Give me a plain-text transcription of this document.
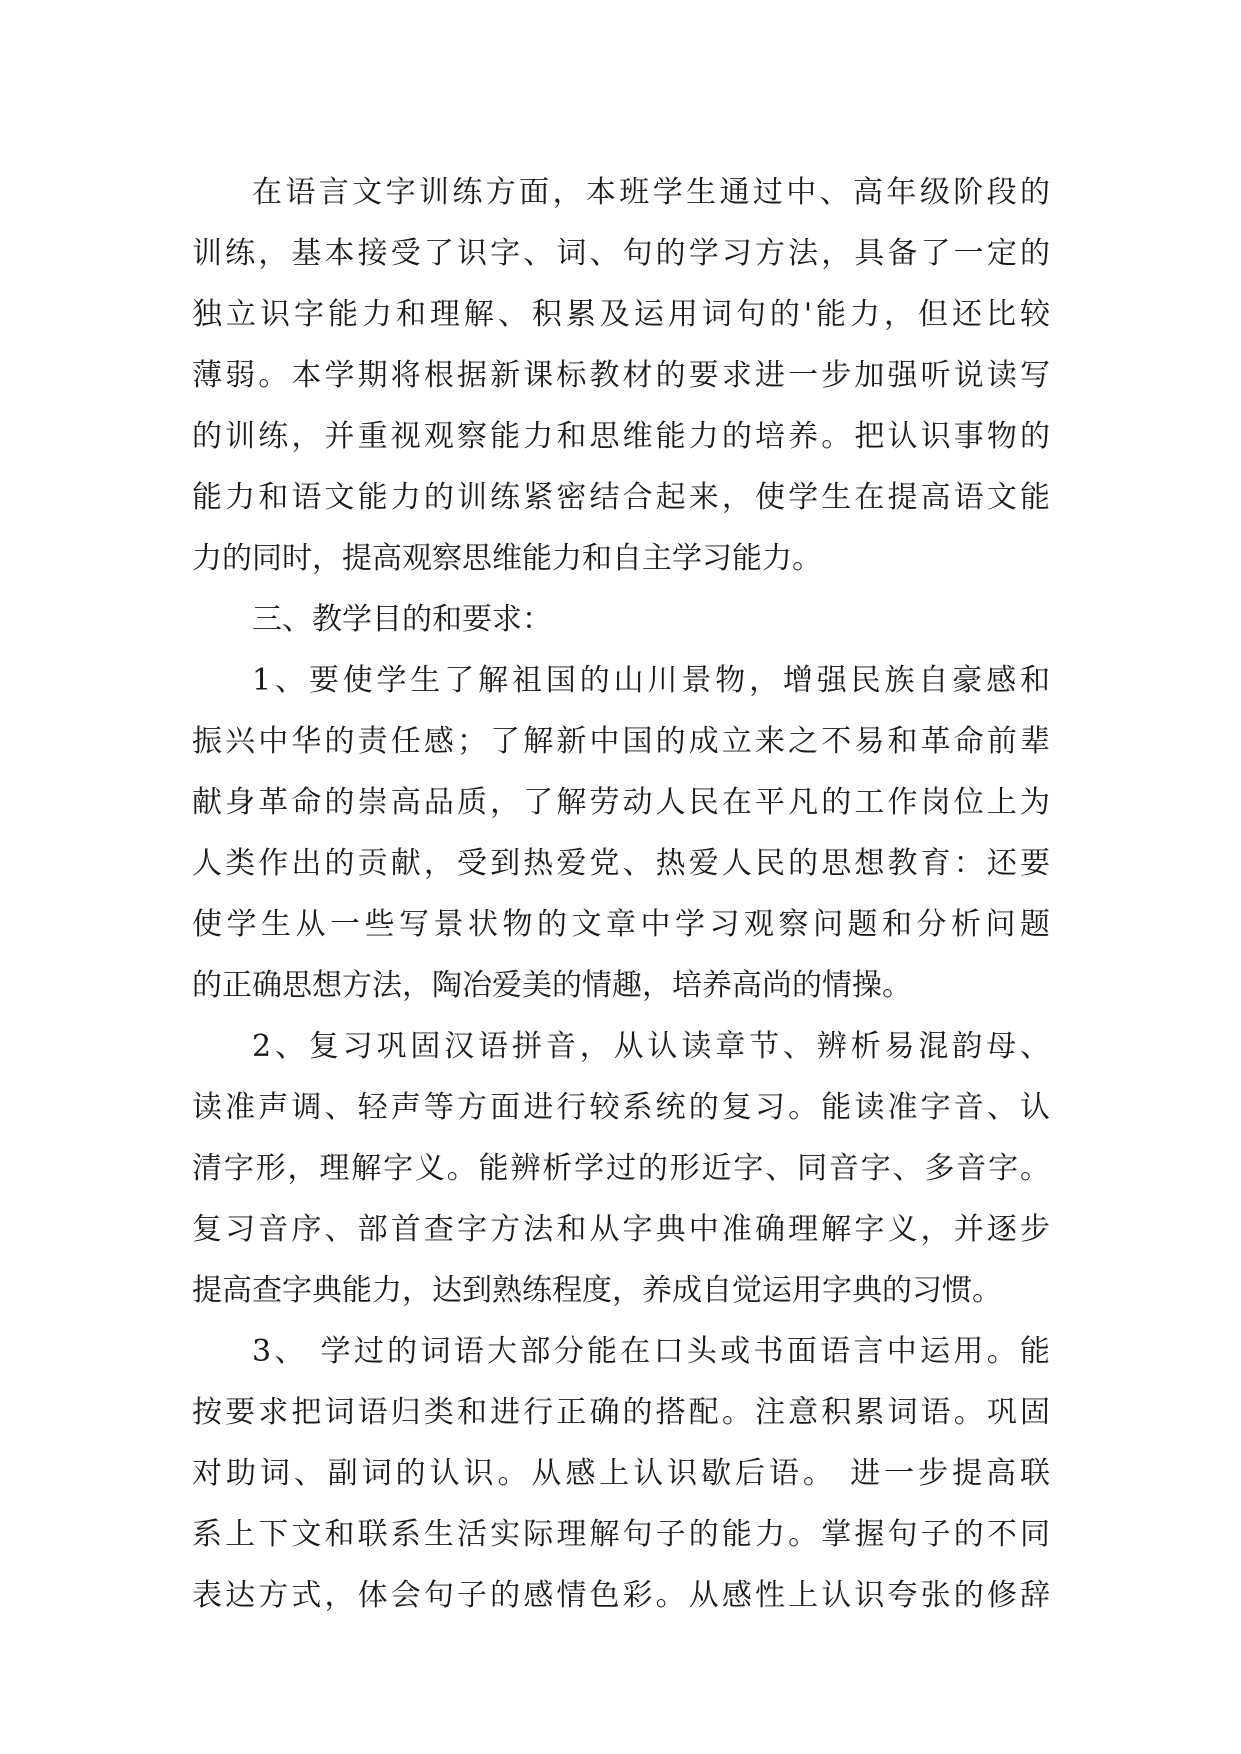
在语言文字训练方面，本班学生通过中、高年级阶段的
训练，基本接受了识字、词、句的学习方法，具备了一定的
独立识字能力和理解、积累及运用词句的'能力，但还比较
薄弱。本学期将根据新课标教材的要求进一步加强听说读写
的训练，并重视观察能力和思维能力的培养。把认识事物的
能力和语文能力的训练紧密结合起来，使学生在提高语文能
力的同时，提高观察思维能力和自主学习能力。
三、教学目的和要求：
1、要使学生了解祖国的山川景物，增强民族自豪感和
振兴中华的责任感；了解新中国的成立来之不易和革命前辈
献身革命的崇高品质，了解劳动人民在平凡的工作岗位上为
人类作出的贡献，受到热爱党、热爱人民的思想教育：还要
使学生从一些写景状物的文章中学习观察问题和分析问题
的正确思想方法，陶冶爱美的情趣，培养高尚的情操。
2、复习巩固汉语拼音，从认读章节、辨析易混韵母、
读准声调、轻声等方面进行较系统的复习。能读准字音、认
清字形，理解字义。能辨析学过的形近字、同音字、多音字。
复习音序、部首查字方法和从字典中准确理解字义，并逐步
提高查字典能力，达到熟练程度，养成自觉运用字典的习惯。
3、 学过的词语大部分能在口头或书面语言中运用。能
按要求把词语归类和进行正确的搭配。注意积累词语。巩固
对助词、副词的认识。从感上认识歇后语。 进一步提高联
系上下文和联系生活实际理解句子的能力。掌握句子的不同
表达方式，体会句子的感情色彩。从感性上认识夸张的修辞
